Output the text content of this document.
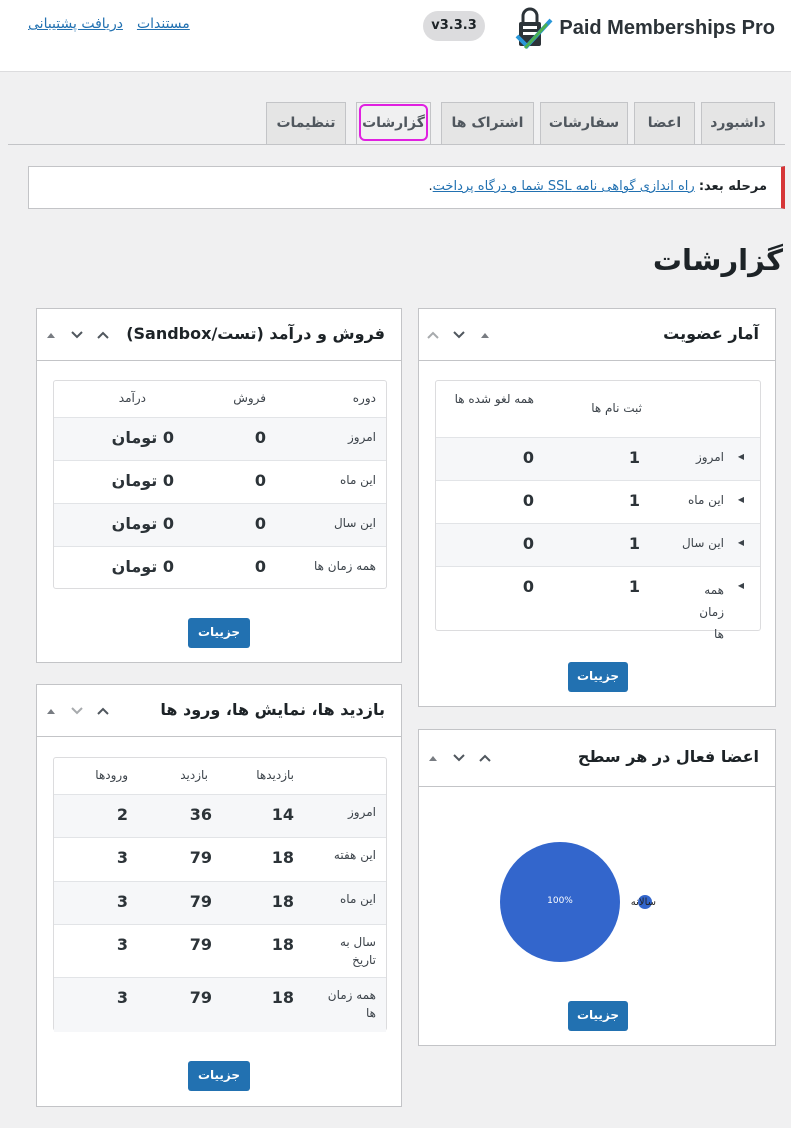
Paid Memberships Pro
v3.3.3
مستندات
دریافت پشتیبانی
داشبورد
اعضا
سفارشات
اشتراک ها
گزارشات
تنظیمات
مرحله بعد: راه اندازی گواهی نامه SSL شما و درگاه پرداخت.
گزارشات
آمار عضویت
ثبت نام ها
همه لغو شده ها
◀
امروز
1
0
◀
این ماه
1
0
◀
این سال
1
0
◀
همه زمان ها
1
0
جزییات
فروش و درآمد (تست/Sandbox)
دوره
فروش
درآمد
امروز
0
0 تومان
این ماه
0
0 تومان
این سال
0
0 تومان
همه زمان ها
0
0 تومان
جزییات
بازدید ها، نمایش ها، ورود ها
بازدیدها
بازدید
ورودها
امروز
14
36
2
این هفته
18
79
3
این ماه
18
79
3
سال به تاریخ
18
79
3
همه زمان ها
18
79
3
جزییات
اعضا فعال در هر سطح
100%	سالانه
جزییات
